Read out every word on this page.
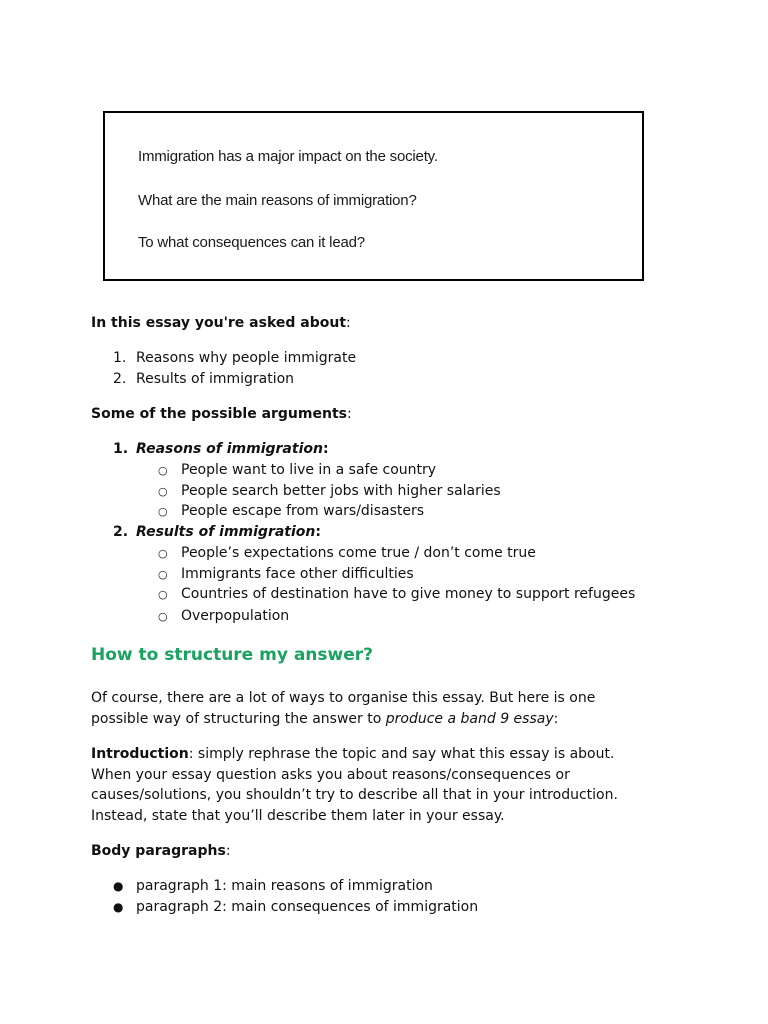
Immigration has a major impact on the society.
What are the main reasons of immigration?
To what consequences can it lead?
In this essay you're asked about:
1. Reasons why people immigrate
2. Results of immigration
Some of the possible arguments:
1. Reasons of immigration:
○ People want to live in a safe country
○ People search better jobs with higher salaries
○ People escape from wars/disasters
2. Results of immigration:
○ People’s expectations come true / don’t come true
○ Immigrants face other difficulties
○ Countries of destination have to give money to support refugees
○ Overpopulation
How to structure my answer?
Of course, there are a lot of ways to organise this essay. But here is one
possible way of structuring the answer to produce a band 9 essay:
Introduction: simply rephrase the topic and say what this essay is about.
When your essay question asks you about reasons/consequences or
causes/solutions, you shouldn’t try to describe all that in your introduction.
Instead, state that you’ll describe them later in your essay.
Body paragraphs:
● paragraph 1: main reasons of immigration
● paragraph 2: main consequences of immigration
